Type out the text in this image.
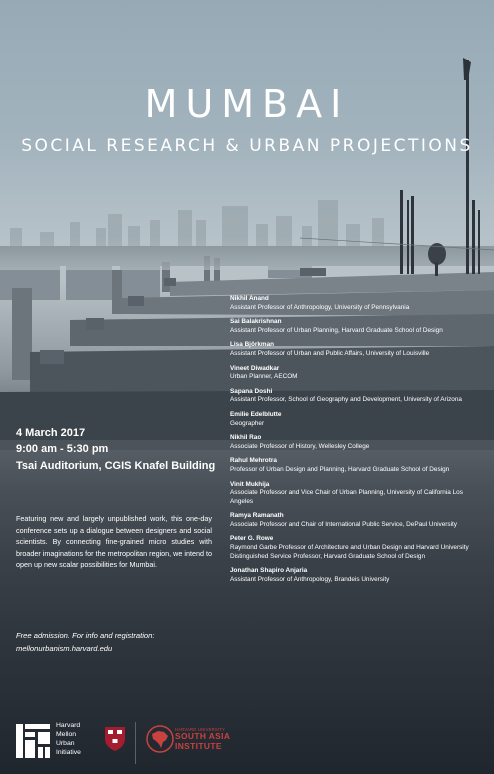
MUMBAI
SOCIAL RESEARCH & URBAN PROJECTIONS
Nikhil Anand
Assistant Professor of Anthropology, University of Pennsylvania
Sai Balakrishnan
Assistant Professor of Urban Planning, Harvard Graduate School of Design
Lisa Björkman
Assistant Professor of Urban and Public Affairs, University of Louisville
Vineet Diwadkar
Urban Planner, AECOM
Sapana Doshi
Assistant Professor, School of Geography and Development, University of Arizona
Emilie Edelblutte
Geographer
Nikhil Rao
Associate Professor of History, Wellesley College
Rahul Mehrotra
Professor of Urban Design and Planning, Harvard Graduate School of Design
Vinit Mukhija
Associate Professor and Vice Chair of Urban Planning, University of California Los Angeles
Ramya Ramanath
Associate Professor and Chair of International Public Service, DePaul University
Peter G. Rowe
Raymond Garbe Professor of Architecture and Urban Design and Harvard University Distinguished Service Professor, Harvard Graduate School of Design
Jonathan Shapiro Anjaria
Assistant Professor of Anthropology, Brandeis University
4 March 2017
9:00 am - 5:30 pm
Tsai Auditorium, CGIS Knafel Building
Featuring new and largely unpublished work, this one-day conference sets up a dialogue between designers and social scientists. By connecting fine-grained micro studies with broader imaginations for the metropolitan region, we intend to open up new scalar possibilities for Mumbai.
Free admission. For info and registration:
mellonurbanism.harvard.edu
Harvard
Mellon
Urban
Initiative
HARVARD UNIVERSITY
SOUTH ASIA
INSTITUTE
